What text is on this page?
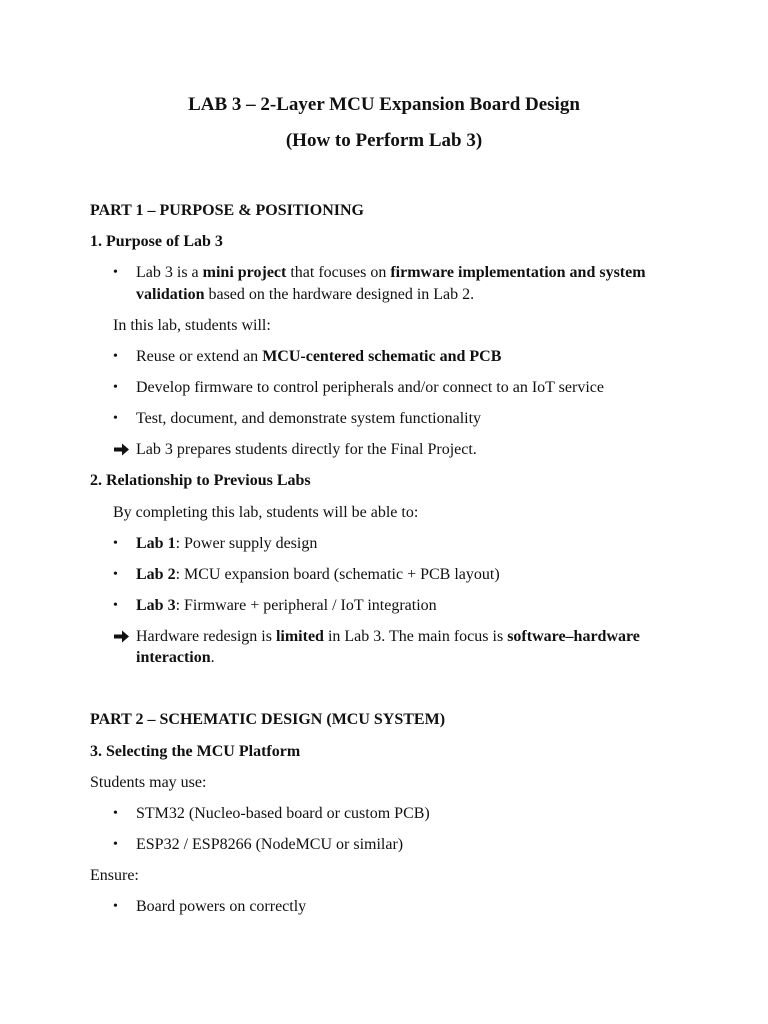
LAB 3 – 2-Layer MCU Expansion Board Design
(How to Perform Lab 3)
PART 1 – PURPOSE & POSITIONING
1. Purpose of Lab 3
• Lab 3 is a mini project that focuses on firmware implementation and system
validation based on the hardware designed in Lab 2.
In this lab, students will:
• Reuse or extend an MCU-centered schematic and PCB
• Develop firmware to control peripherals and/or connect to an IoT service
• Test, document, and demonstrate system functionality
Lab 3 prepares students directly for the Final Project.
2. Relationship to Previous Labs
By completing this lab, students will be able to:
• Lab 1: Power supply design
• Lab 2: MCU expansion board (schematic + PCB layout)
• Lab 3: Firmware + peripheral / IoT integration
Hardware redesign is limited in Lab 3. The main focus is software–hardware
interaction.
PART 2 – SCHEMATIC DESIGN (MCU SYSTEM)
3. Selecting the MCU Platform
Students may use:
• STM32 (Nucleo-based board or custom PCB)
• ESP32 / ESP8266 (NodeMCU or similar)
Ensure:
• Board powers on correctly
